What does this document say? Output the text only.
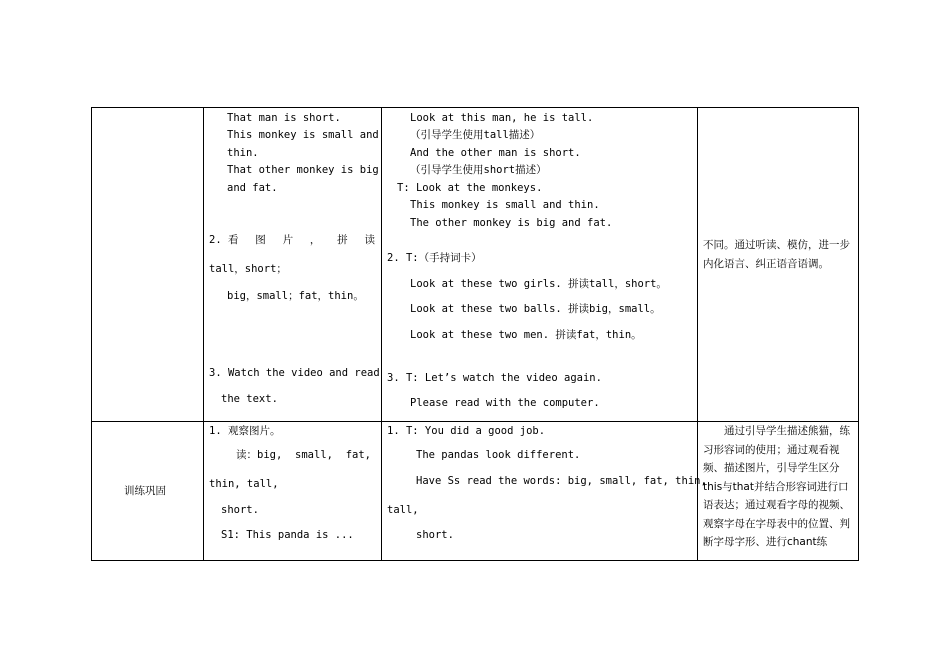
That man is short.
This monkey is small and
thin.
That other monkey is big
and fat.
2. 看 图 片 ， 拼 读
tall，short；
big，small；fat，thin。
3. Watch the video and read
the text.
Look at this man, he is tall.
（引导学生使用tall描述）
And the other man is short.
（引导学生使用short描述）
T: Look at the monkeys.
This monkey is small and thin.
The other monkey is big and fat.
2. T:（手持词卡）
Look at these two girls. 拼读tall，short。
Look at these two balls. 拼读big，small。
Look at these two men. 拼读fat，thin。
3. T: Let’s watch the video again.
Please read with the computer.
不同。通过听读、模仿，进一步内化语言、纠正语音语调。
训练巩固
1. 观察图片。
读：big, small, fat,
thin, tall,
short.
S1: This panda is ...
1. T: You did a good job.
The pandas look different.
Have Ss read the words: big, small, fat, thin,
tall,
short.
通过引导学生描述熊猫，练习形容词的使用；通过观看视频、描述图片，引导学生区分this与that并结合形容词进行口语表达；通过观看字母的视频、观察字母在字母表中的位置、判断字母字形、进行chant练
